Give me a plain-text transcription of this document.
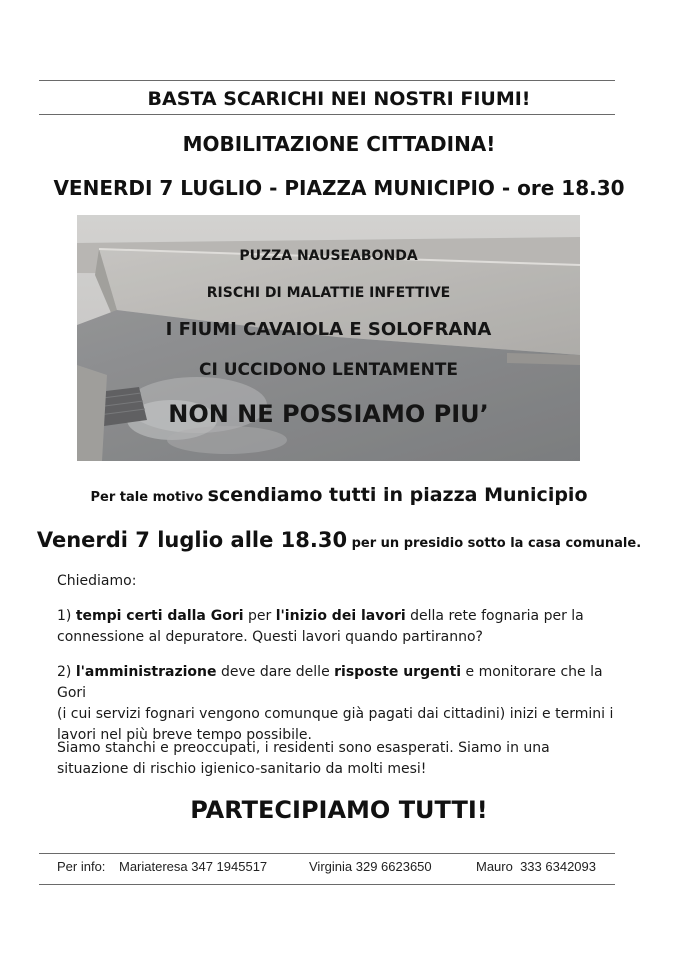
BASTA SCARICHI NEI NOSTRI FIUMI!
MOBILITAZIONE CITTADINA!
VENERDI 7 LUGLIO - PIAZZA MUNICIPIO - ore 18.30
PUZZA NAUSEABONDA
RISCHI DI MALATTIE INFETTIVE
I FIUMI CAVAIOLA E SOLOFRANA
CI UCCIDONO LENTAMENTE
NON NE POSSIAMO PIU’
Per tale motivo scendiamo tutti in piazza Municipio
Venerdi 7 luglio alle 18.30 per un presidio sotto la casa comunale.
Chiediamo:
1) tempi certi dalla Gori per l'inizio dei lavori della rete fognaria per la
connessione al depuratore. Questi lavori quando partiranno?
2) l'amministrazione deve dare delle risposte urgenti e monitorare che la Gori
(i cui servizi fognari vengono comunque già pagati dai cittadini) inizi e termini i
lavori nel più breve tempo possibile.
Siamo stanchi e preoccupati, i residenti sono esasperati. Siamo in una
situazione di rischio igienico-sanitario da molti mesi!
PARTECIPIAMO TUTTI!
Per info: Mariateresa 347 1945517	Virginia 329 6623650	Mauro  333 6342093
